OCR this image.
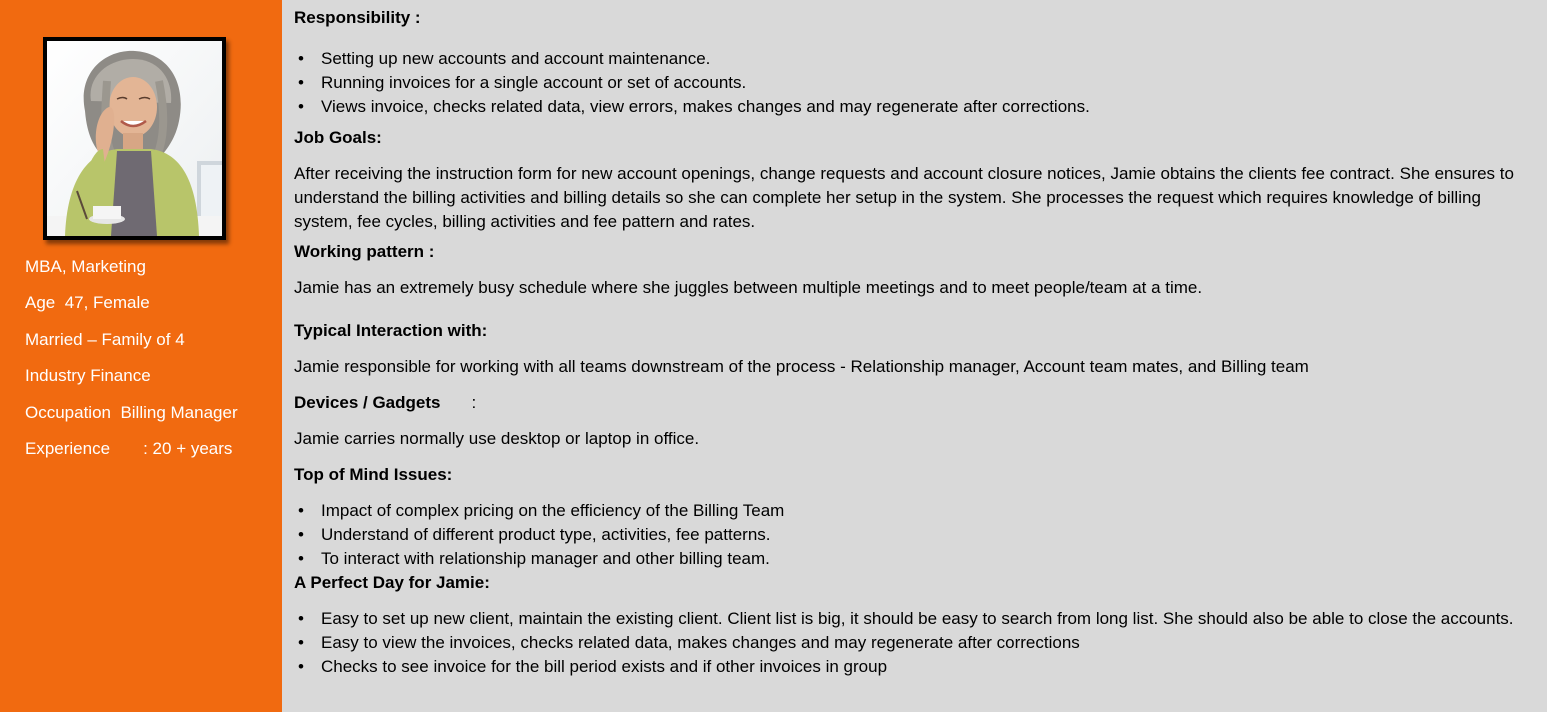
MBA, Marketing
Age  47, Female
Married – Family of 4
Industry Finance
Occupation  Billing Manager
Experience       : 20 + years
Responsibility :
• Setting up new accounts and account maintenance.
• Running invoices for a single account or set of accounts.
• Views invoice, checks related data, view errors, makes changes and may regenerate after corrections.
Job Goals:

After receiving the instruction form for new account openings, change requests and account closure notices, Jamie obtains the clients fee contract. She ensures to understand the billing activities and billing details so she can complete her setup in the system. She processes the request which requires knowledge of billing system, fee cycles, billing activities and fee pattern and rates.

Working pattern :

Jamie has an extremely busy schedule where she juggles between multiple meetings and to meet people/team at a time.

Typical Interaction with:

Jamie responsible for working with all teams downstream of the process - Relationship manager, Account team mates, and Billing team

Devices / Gadgets :

Jamie carries normally use desktop or laptop in office.

Top of Mind Issues:
• Impact of complex pricing on the efficiency of the Billing Team
• Understand of different product type, activities, fee patterns.
• To interact with relationship manager and other billing team.
A Perfect Day for Jamie:
• Easy to set up new client, maintain the existing client. Client list is big, it should be easy to search from long list. She should also be able to close the accounts.
• Easy to view the invoices, checks related data, makes changes and may regenerate after corrections
• Checks to see invoice for the bill period exists and if other invoices in group
